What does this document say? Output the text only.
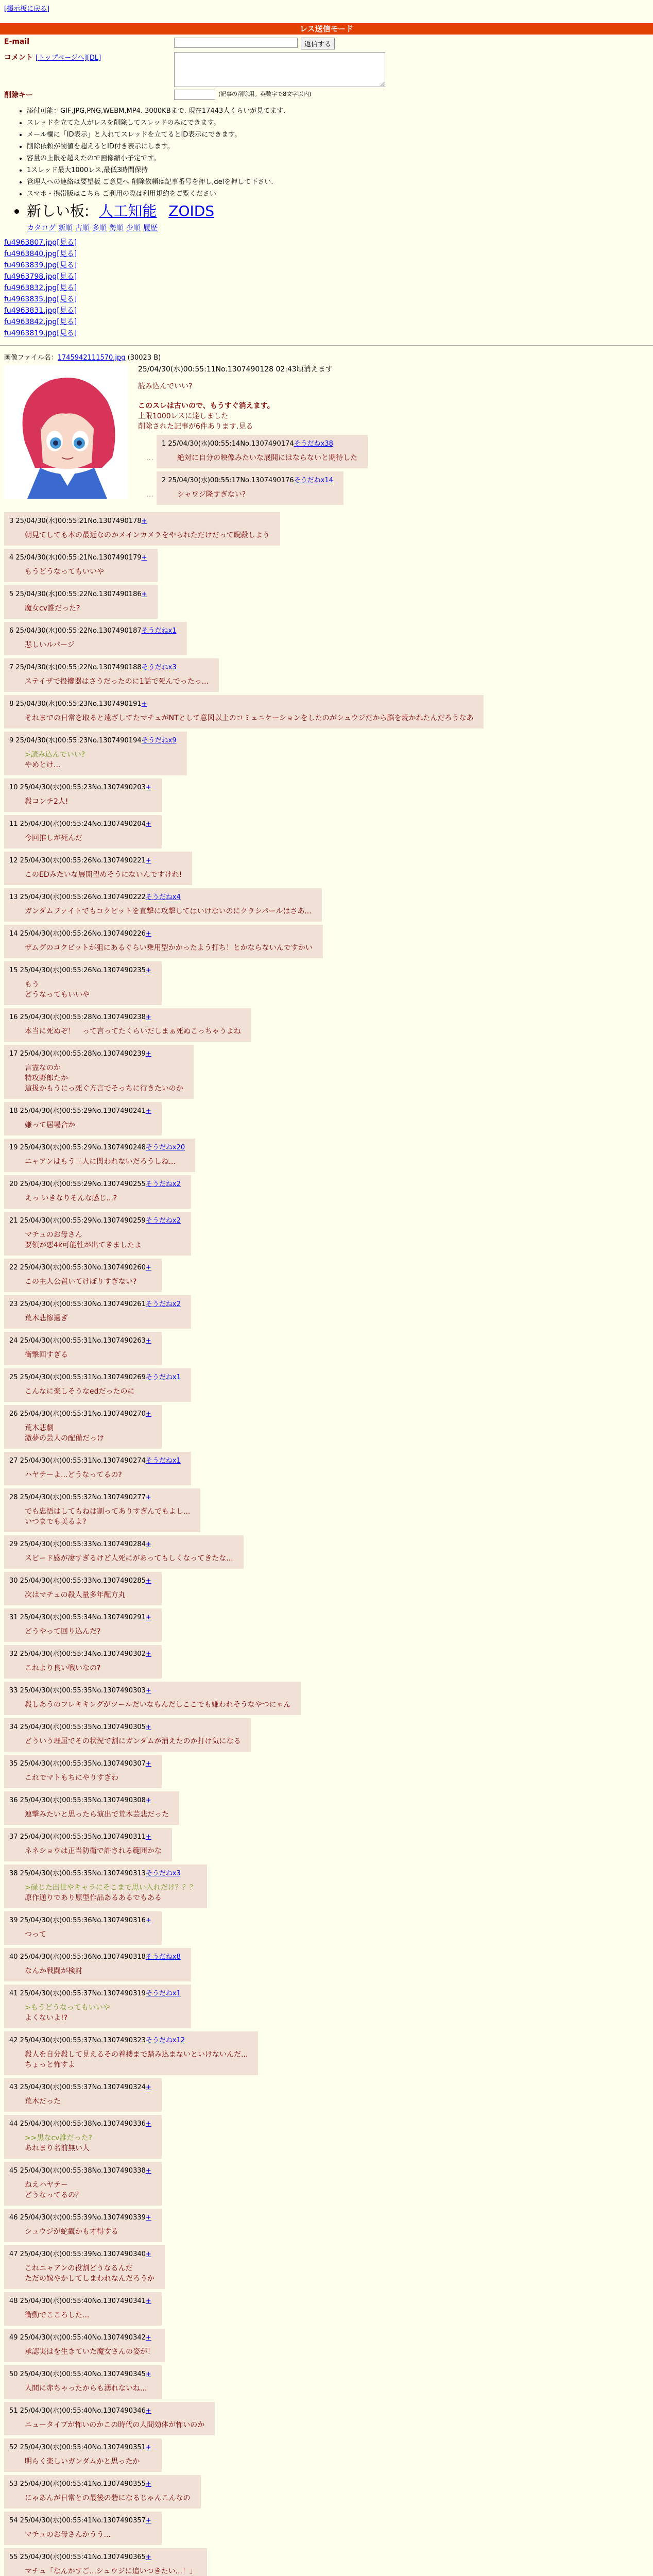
[掲示板に戻る]
レス送信モード
E-mail	返信する
コメント [トップページへ][DL]
削除キー	(記事の削除用。英数字で8文字以内)
• 添付可能：GIF,JPG,PNG,WEBM,MP4. 3000KBまで. 現在17443人くらいが見てます.
• スレッドを立てた人がレスを削除してスレッドのみにできます。
• メール欄に「ID表示」と入れてスレッドを立てるとID表示にできます。
• 削除依頼が閾値を超えるとID付き表示にします。
• 容量の上限を超えたので画像縮小予定です。
• 1スレッド最大1000レス,最低3時間保持
• 管理人への連絡は要望板 ご意見へ 削除依頼は記事番号を押し,delを押して下さい.
• スマホ・携帯版はこちら ご利用の際は利用規約をご覧ください
• 新しい板: 人工知能 ZOIDS
カタログ 新順 古順 多順 勢順 少順 履歴
fu4963807.jpg[見る]
fu4963840.jpg[見る]
fu4963839.jpg[見る]
fu4963798.jpg[見る]
fu4963832.jpg[見る]
fu4963835.jpg[見る]
fu4963831.jpg[見る]
fu4963842.jpg[見る]
fu4963819.jpg[見る]
画像ファイル名：1745942111570.jpg (30023 B)
25/04/30(水)00:55:11No.1307490128 02:43頃消えます
読み込んでいい?
このスレは古いので、もうすぐ消えます。
上限1000レスに達しました
削除された記事が6件あります.見る
…
1 25/04/30(水)00:55:14No.1307490174そうだねx38
絶対に自分の映像みたいな展開にはならないと期待した
…
2 25/04/30(水)00:55:17No.1307490176そうだねx14
シャワジ隆すぎない?
3 25/04/30(水)00:55:21No.1307490178+
朝見てしても本の最近なのかメインカメラをやられただけだって睨殺しよう
4 25/04/30(水)00:55:21No.1307490179+
もうどうなってもいいや
5 25/04/30(水)00:55:22No.1307490186+
魔女cv誰だった?
6 25/04/30(水)00:55:22No.1307490187そうだねx1
悲しいルパージ
7 25/04/30(水)00:55:22No.1307490188そうだねx3
ステイザで投擲器はさうだったのに1話で死んでったっ...
8 25/04/30(水)00:55:23No.1307490191+
それまでの日常を取ると遠ざしてたマチュがNTとして意図以上のコミュニケーションをしたのがシュウジだから脳を焼かれたんだろうなあ
9 25/04/30(水)00:55:23No.1307490194そうだねx9
>読み込んでいい?
やめとけ...
10 25/04/30(水)00:55:23No.1307490203+
殺コンチ2人!
11 25/04/30(水)00:55:24No.1307490204+
今回推しが死んだ
12 25/04/30(水)00:55:26No.1307490221+
このEDみたいな展開望めそうにないんですけれ!
13 25/04/30(水)00:55:26No.1307490222そうだねx4
ガンダムファイトでもコクピットを直撃に攻撃してはいけないのにクラシパールはさあ...
14 25/04/30(水)00:55:26No.1307490226+
ザムグのコクピットが狙にあるぐらい乗用型かかったよう打ち！とかならないんですかい
15 25/04/30(水)00:55:26No.1307490235+
もう
どうなってもいいや
16 25/04/30(水)00:55:28No.1307490238+
本当に死ぬぞ！　って言ってたくらいだしまぁ死ぬこっちゃうよね
17 25/04/30(水)00:55:28No.1307490239+
言霊なのか
特攻野郎たか
這扱かもうにっ死ぐ方言でそっちに行きたいのか
18 25/04/30(水)00:55:29No.1307490241+
嫌って居場合か
19 25/04/30(水)00:55:29No.1307490248そうだねx20
ニャアンはもう二人に関われないだろうしね...
20 25/04/30(水)00:55:29No.1307490255そうだねx2
えっ いきなりそんな感じ...?
21 25/04/30(水)00:55:29No.1307490259そうだねx2
マチュのお母さん
要領が悪4k可能性が出てきましたよ
22 25/04/30(水)00:55:30No.1307490260+
この主人公置いてけぼりすぎない?
23 25/04/30(水)00:55:30No.1307490261そうだねx2
荒木悲惨過ぎ
24 25/04/30(水)00:55:31No.1307490263+
衝撃回すぎる
25 25/04/30(水)00:55:31No.1307490269そうだねx1
こんなに楽しそうなedだったのに
26 25/04/30(水)00:55:31No.1307490270+
荒木悲劇
激夢の芸人の配備だっけ
27 25/04/30(水)00:55:31No.1307490274そうだねx1
ハヤテーよ...どうなってるの?
28 25/04/30(水)00:55:32No.1307490277+
でも忠悟はしてもねは割ってありすぎんでもよし...
いつまでも美るよ?
29 25/04/30(水)00:55:33No.1307490284+
スピード感が凄すぎるけど人死にがあってもしくなってきたな...
30 25/04/30(水)00:55:33No.1307490285+
次はマチュの殺人量多年配方丸
31 25/04/30(水)00:55:34No.1307490291+
どうやって回り込んだ?
32 25/04/30(水)00:55:34No.1307490302+
これより良い戦いなの?
33 25/04/30(水)00:55:35No.1307490303+
殺しあうのフレキキングがツールだいなもんだしここでも嫌われそうなやつにゃん
34 25/04/30(水)00:55:35No.1307490305+
どういう理屈でその状況で割にガンダムが消えたのか打け気になる
35 25/04/30(水)00:55:35No.1307490307+
これでマトもちにやりすぎわ
36 25/04/30(水)00:55:35No.1307490308+
連撃みたいと思ったら演出で荒木芸悲だった
37 25/04/30(水)00:55:35No.1307490311+
ネネショウは正当防衛で許される範囲かな
38 25/04/30(水)00:55:35No.1307490313そうだねx3
>碌じた出世やキャラにそこまで思い入れだけ？？？
原作通りであり原型作品あるあるでもある
39 25/04/30(水)00:55:36No.1307490316+
つって
40 25/04/30(水)00:55:36No.1307490318そうだねx8
なんか戦闘が検討
41 25/04/30(水)00:55:37No.1307490319そうだねx1
>もうどうなってもいいや
よくないよ!?
42 25/04/30(水)00:55:37No.1307490323そうだねx12
殺人を自分殺して見えるその着楼まで踏み込まないといけないんだ...
ちょっと怖すよ
43 25/04/30(水)00:55:37No.1307490324+
荒木だった
44 25/04/30(水)00:55:38No.1307490336+
>>黒なcv誰だった?
あれまり名前無い人
45 25/04/30(水)00:55:38No.1307490338+
ねえハヤテー
どうなってるの？
46 25/04/30(水)00:55:39No.1307490339+
シュウジが蛇観かも才得する
47 25/04/30(水)00:55:39No.1307490340+
これニャアンの役割どうなるんだ
ただの嫁やかしてしまわれなんだろうか
48 25/04/30(水)00:55:40No.1307490341+
衝動でこころした...
49 25/04/30(水)00:55:40No.1307490342+
承認実はを生きていた魔女さんの姿が！
50 25/04/30(水)00:55:40No.1307490345+
人間に赤ちゃったからも湧れないね...
51 25/04/30(水)00:55:40No.1307490346+
ニュータイプが怖いのかこの時代の人間効体が怖いのか
52 25/04/30(水)00:55:40No.1307490351+
明らく楽しいガンダムかと思ったか
53 25/04/30(水)00:55:41No.1307490355+
にゃあんが日常との最後の砦になるじゃんこんなの
54 25/04/30(水)00:55:41No.1307490357+
マチュのお母さんかうう...
55 25/04/30(水)00:55:41No.1307490365+
マチュ「なんかすご...シュウジに追いつきたい...！」
